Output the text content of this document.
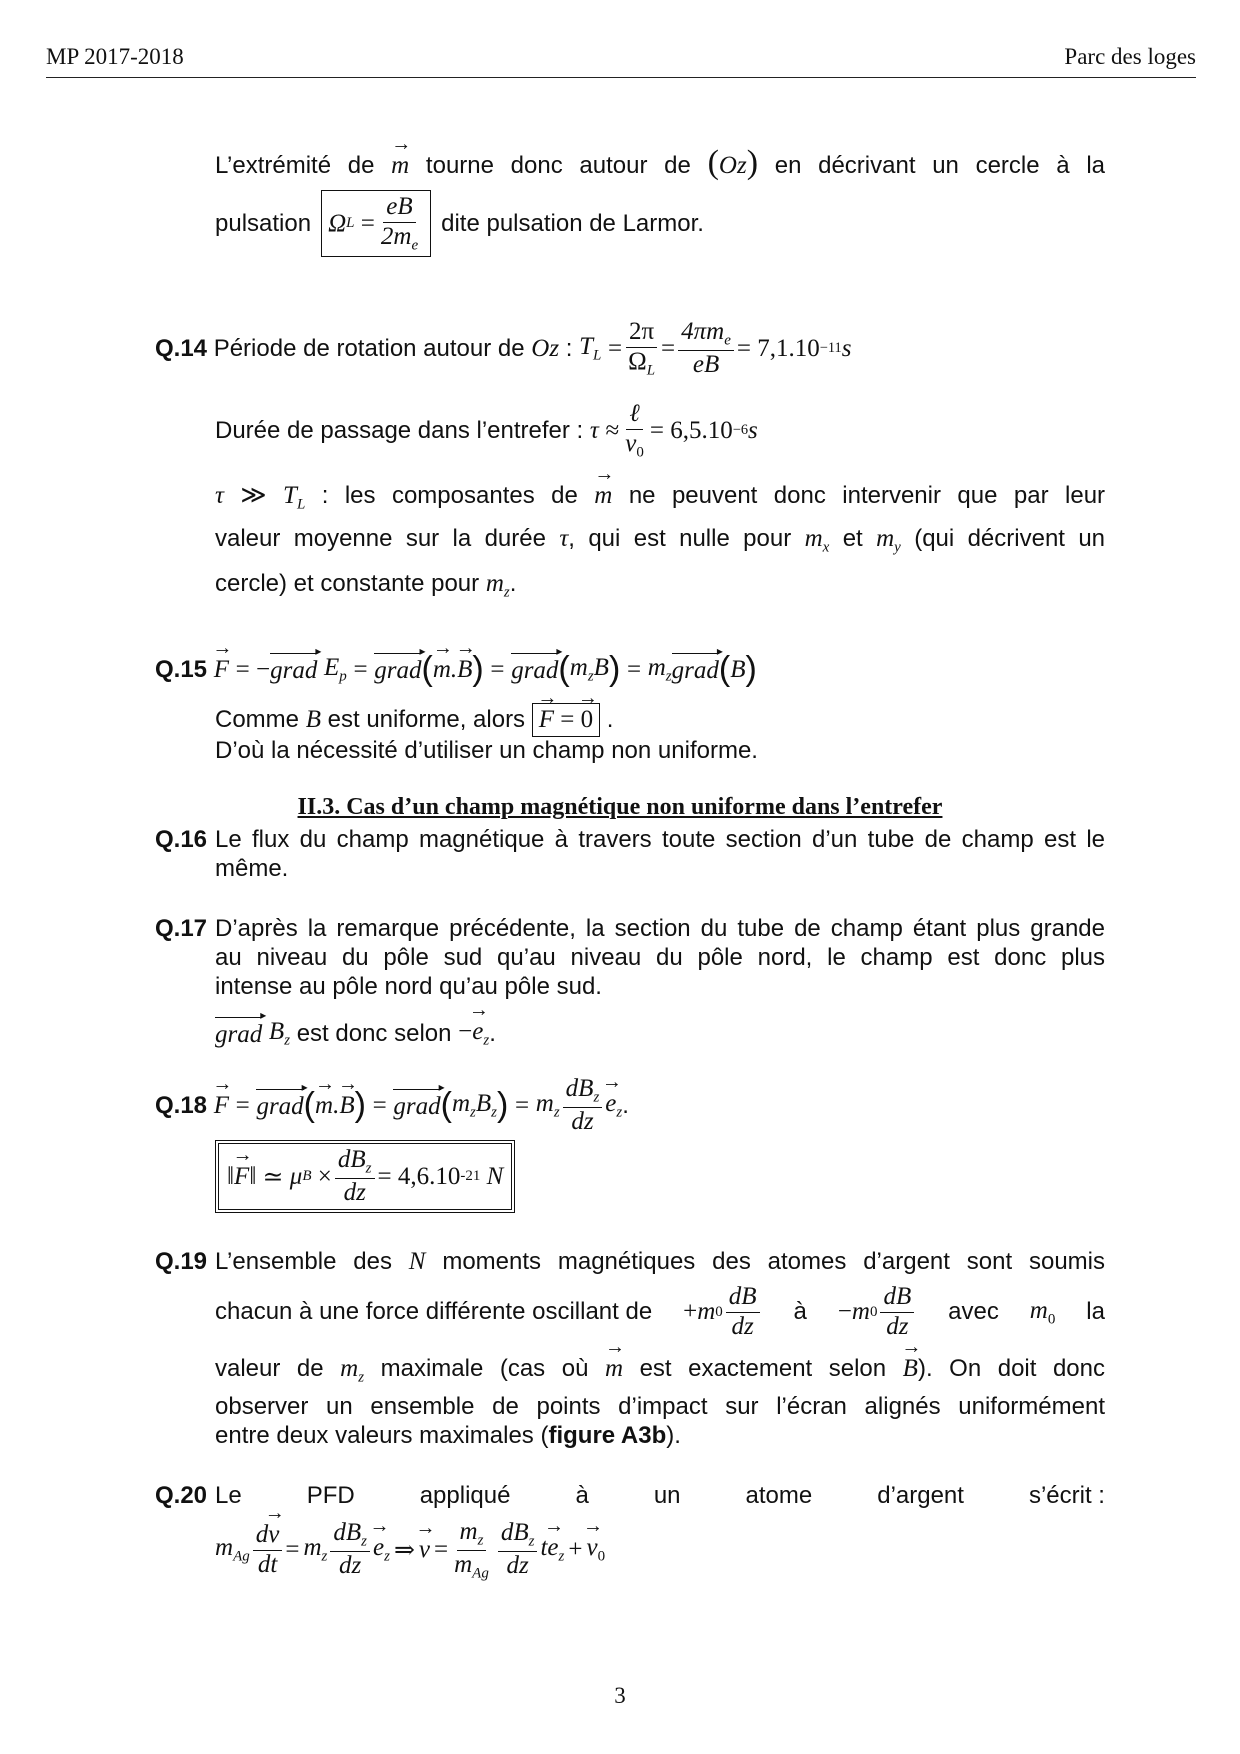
MP 2017-2018	Parc des loges
L’extrémité de → m tourne donc autour de (Oz) en décrivant un cercle à la
pulsation Ω L
= $\frac{eB}{2m_e}$ dite pulsation de Larmor.
Q.14
Période de rotation autour de
Oz : $T_L$
= $\frac{2\pi}{\Omega_L} = \frac{4\pi m_e}{eB} = 7,1.10 -11$ s
Durée de passage dans l’entrefer :
τ
≈ $\frac{\text{ℓ}}{v_0} = 6,5.10 -6$ s
τ ≫ $T_L$ : les composantes de → m ne peuvent donc intervenir que par leur
valeur moyenne sur la durée τ, qui est nulle pour $m_x$ et $m_y$ (qui décrivent un
cercle) et constante pour $m_z$.
Q.15

→ F
= − grad ▸
$E_p$
=
grad ▸ (
→ m.→ B )
=
grad ▸ ( $m_zB$ )
=
$m_z$ grad ▸ ( B )
Comme
B
est uniforme, alors

→ F
=

→ 0 .
D’où la nécessité d’utiliser un champ non uniforme.
II.3. Cas d’un champ magnétique non uniforme dans l’entrefer
Q.16 Le flux du champ magnétique à travers toute section d’un tube de champ est le
même.
Q.17 D’après la remarque précédente, la section du tube de champ étant plus grande
au niveau du pôle sud qu’au niveau du pôle nord, le champ est donc plus
intense au pôle nord qu’au pôle sud.
grad ▸
$B_z$
est donc selon
−→ $e_z$ .
Q.18

→ F
=
grad ▸ (
→ m.→ B )
=
grad ▸ ( $m_zB_z$ )
=
$m_z \frac{dB_z}{dz}$
→ $e_z$ .
‖
→ F ‖
≃ μ B
× $\frac{dB_z}{dz} = 4,6.10$ -21
N
Q.19 L’ensemble des N moments magnétiques des atomes d’argent sont soumis
chacun à une force différente oscillant de + m $0 \frac{dB}{dz}$ à − m $0 \frac{dB}{dz}$ avec $m_0$ la
valeur de $m_z$ maximale (cas où → m est exactement selon → B). On doit donc
observer un ensemble de points d’impact sur l’écran alignés uniformément
entre deux valeurs maximales (figure A3b).
Q.20 Le	PFD	appliqué	à	un	atome	d’argent	s’écrit :
$m_{Ag} \frac{d\to v}{dt}$ =
$m_z \frac{dB_z}{dz}$
→ $e_z$
⇒

→ v
= $\frac{m_z}{m_{Ag}} \frac{dB_z}{dz} t\to e_z$
+

→ $v_0$
3
